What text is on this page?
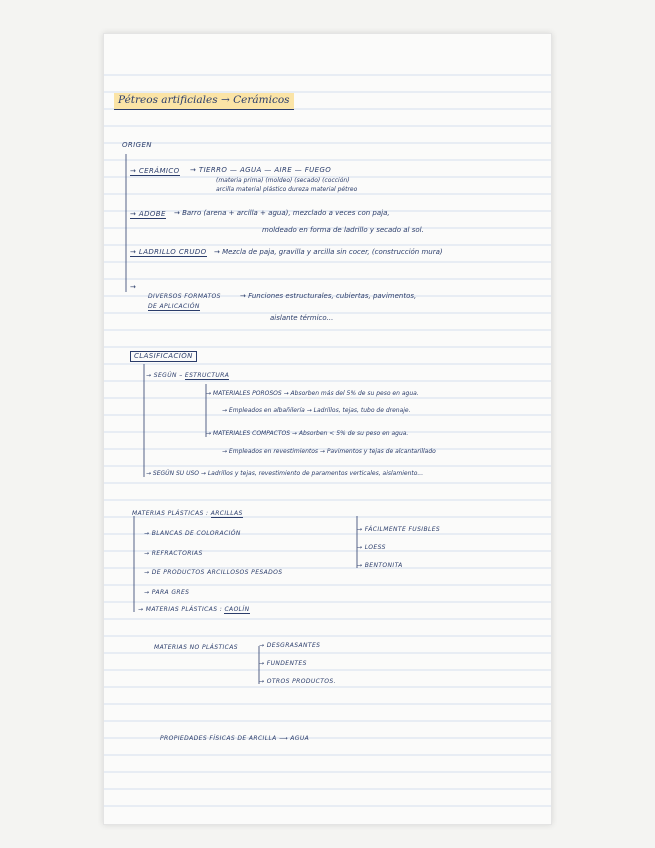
Pétreos artificiales → Cerámicos
ORIGEN
→ CERÁMICO → TIERRO — AGUA — AIRE — FUEGO
(materia prima) (moldeo) (secado) (cocción)
arcilla material plástico dureza material pétreo
→ ADOBE → Barro (arena + arcilla + agua), mezclado a veces con paja,
moldeado en forma de ladrillo y secado al sol.
→ LADRILLO CRUDO → Mezcla de paja, gravilla y arcilla sin cocer, (construcción mura)
→
DIVERSOS FORMATOS
DE APLICACIÓN
→ Funciones estructurales, cubiertas, pavimentos,
aislante térmico...
CLASIFICACIÓN
→ SEGÚN – ESTRUCTURA
→ MATERIALES POROSOS → Absorben más del 5% de su peso en agua.
→ Empleados en albañilería → Ladrillos, tejas, tubo de drenaje.
→ MATERIALES COMPACTOS → Absorben < 5% de su peso en agua.
→ Empleados en revestimientos → Pavimentos y tejas de alcantarillado
→ SEGÚN SU USO → Ladrillos y tejas, revestimiento de paramentos verticales, aislamiento...
MATERIAS PLÁSTICAS : ARCILLAS
→ BLANCAS DE COLORACIÓN
→ REFRACTORIAS
→ DE PRODUCTOS ARCILLOSOS PESADOS
→ PARA GRES
→ FÁCILMENTE FUSIBLES
→ LOESS
→ BENTONITA
→ MATERIAS PLÁSTICAS : CAOLÍN
MATERIAS NO PLÁSTICAS	→ DESGRASANTES
→ FUNDENTES
→ OTROS PRODUCTOS.
PROPIEDADES FÍSICAS DE ARCILLA ⟶ AGUA
